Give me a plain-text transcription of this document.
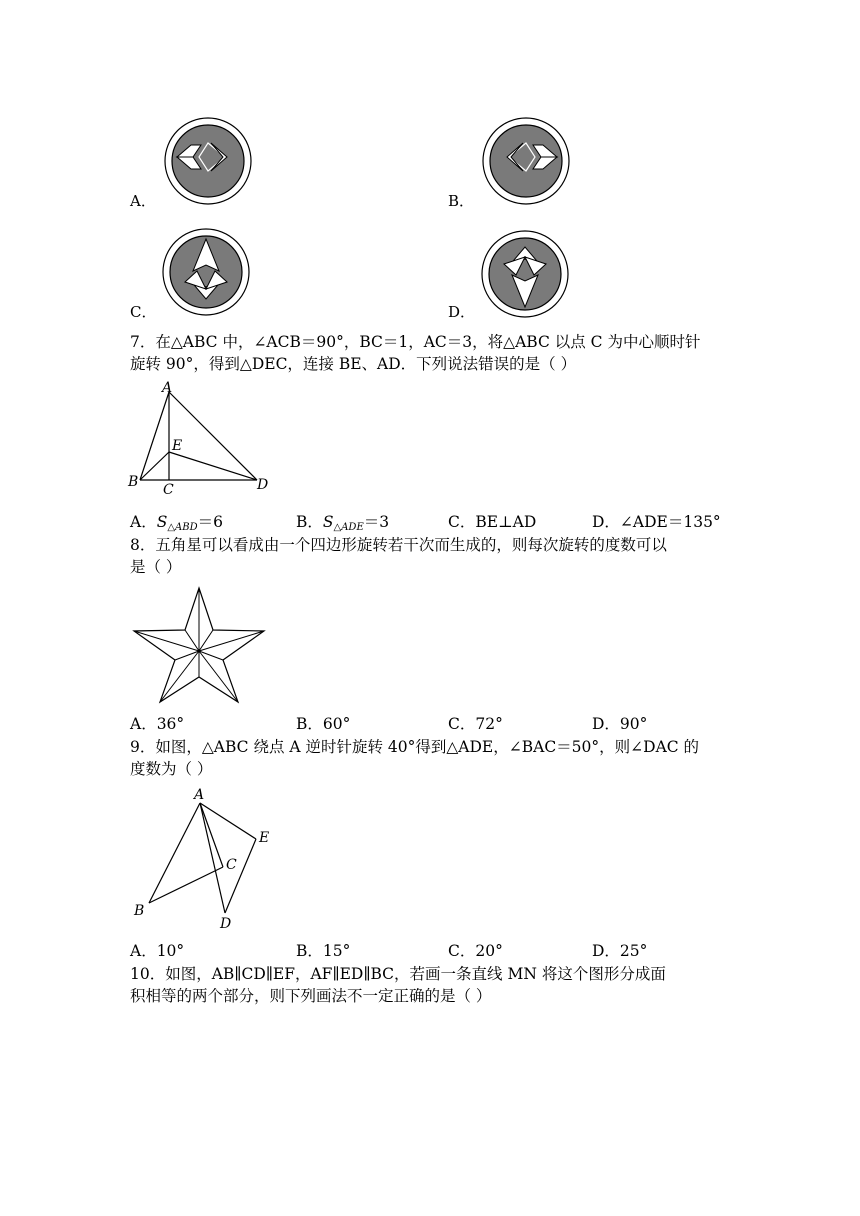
A．	B．
C．	D．
7．在△ABC 中，∠ACB＝90°，BC＝1，AC＝3，将△ABC 以点 C 为中心顺时针
旋转 90°，得到△DEC，连接 BE、AD．下列说法错误的是（ ）
A
E
B C	D
A．S△ABD＝6	B．S△ADE＝3	C．BE⊥AD	D．∠ADE＝135°
8．五角星可以看成由一个四边形旋转若干次而生成的，则每次旋转的度数可以
是（ ）
A．36°	B．60°	C．72°	D．90°
9．如图，△ABC 绕点 A 逆时针旋转 40°得到△ADE，∠BAC＝50°，则∠DAC 的
度数为（ ）
A
E
C
B
D
A．10°	B．15°	C．20°	D．25°
10．如图，AB∥CD∥EF，AF∥ED∥BC，若画一条直线 MN 将这个图形分成面
积相等的两个部分，则下列画法不一定正确的是（ ）
